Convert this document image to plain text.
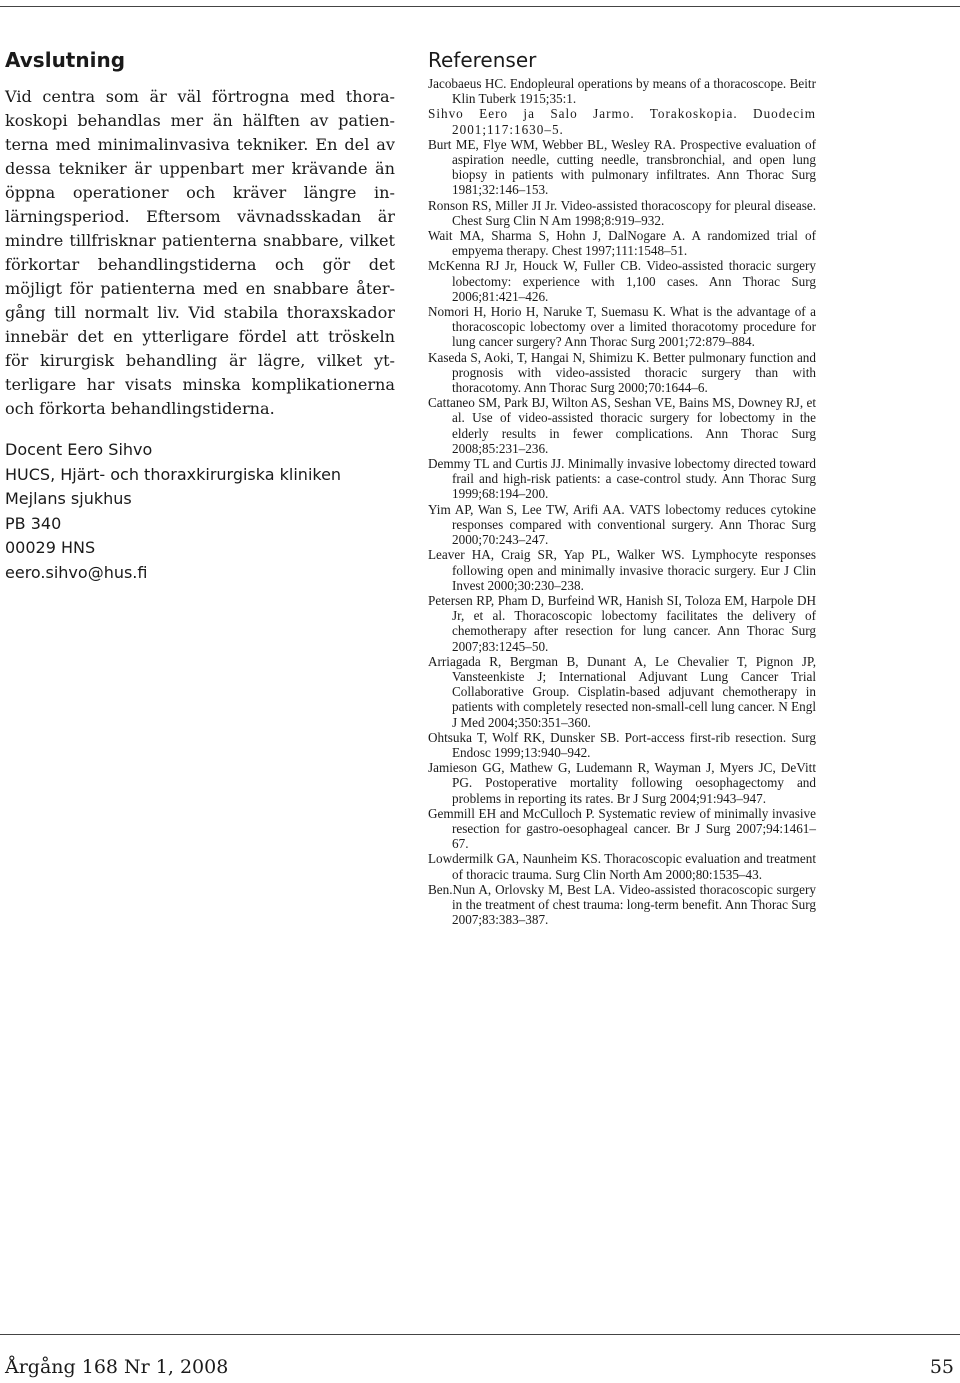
Avslutning

Vid centra som är väl förtrogna med thorakoskopi behandlas mer än hälften av patienterna med minimalinvasiva tekniker. En del av dessa tekniker är uppenbart mer krävande än öppna operationer och kräver längre inlärningsperiod. Eftersom vävnadsskadan är mindre tillfrisknar patienterna snabbare, vilket förkortar behandlingstiderna och gör det möjligt för patienterna med en snabbare återgång till normalt liv. Vid stabila thoraxskador innebär det en ytterligare fördel att tröskeln för kirurgisk behandling är lägre, vilket ytterligare har visats minska komplikationerna och förkorta behandlingstiderna.

Docent Eero Sihvo
HUCS, Hjärt- och thoraxkirurgiska kliniken
Mejlans sjukhus
PB 340
00029 HNS
eero.sihvo@hus.fi
Referenser
Jacobaeus HC. Endopleural operations by means of a thoracoscope. Beitr Klin Tuberk 1915;35:1.
Sihvo Eero ja Salo Jarmo. Torakoskopia. Duodecim 2001;117:1630–5.
Burt ME, Flye WM, Webber BL, Wesley RA. Prospective evaluation of aspiration needle, cutting needle, transbronchial, and open lung biopsy in patients with pulmonary infiltrates. Ann Thorac Surg 1981;32:146–153.
Ronson RS, Miller JI Jr. Video-assisted thoracoscopy for pleural disease. Chest Surg Clin N Am 1998;8:919–932.
Wait MA, Sharma S, Hohn J, DalNogare A. A randomized trial of empyema therapy. Chest 1997;111:1548–51.
McKenna RJ Jr, Houck W, Fuller CB. Video-assisted thoracic surgery lobectomy: experience with 1,100 cases. Ann Thorac Surg 2006;81:421–426.
Nomori H, Horio H, Naruke T, Suemasu K. What is the advantage of a thoracoscopic lobectomy over a limited thoracotomy procedure for lung cancer surgery? Ann Thorac Surg 2001;72:879–884.
Kaseda S, Aoki, T, Hangai N, Shimizu K. Better pulmonary function and prognosis with video-assisted thoracic surgery than with thoracotomy. Ann Thorac Surg 2000;70:1644–6.
Cattaneo SM, Park BJ, Wilton AS, Seshan VE, Bains MS, Downey RJ, et al. Use of video-assisted thoracic surgery for lobectomy in the elderly results in fewer complications. Ann Thorac Surg 2008;85:231–236.
Demmy TL and Curtis JJ. Minimally invasive lobectomy directed toward frail and high-risk patients: a case-control study. Ann Thorac Surg 1999;68:194–200.
Yim AP, Wan S, Lee TW, Arifi AA. VATS lobectomy reduces cytokine responses compared with conventional surgery. Ann Thorac Surg 2000;70:243–247.
Leaver HA, Craig SR, Yap PL, Walker WS. Lymphocyte responses following open and minimally invasive thoracic surgery. Eur J Clin Invest 2000;30:230–238.
Petersen RP, Pham D, Burfeind WR, Hanish SI, Toloza EM, Harpole DH Jr, et al. Thoracoscopic lobectomy facilitates the delivery of chemotherapy after resection for lung cancer. Ann Thorac Surg 2007;83:1245–50.
Arriagada R, Bergman B, Dunant A, Le Chevalier T, Pignon JP, Vansteenkiste J; International Adjuvant Lung Cancer Trial Collaborative Group. Cisplatin-based adjuvant chemotherapy in patients with completely resected non-small-cell lung cancer. N Engl J Med 2004;350:351–360.
Ohtsuka T, Wolf RK, Dunsker SB. Port-access first-rib resection. Surg Endosc 1999;13:940–942.
Jamieson GG, Mathew G, Ludemann R, Wayman J, Myers JC, DeVitt PG. Postoperative mortality following oesophagectomy and problems in reporting its rates. Br J Surg 2004;91:943–947.
Gemmill EH and McCulloch P. Systematic review of minimally invasive resection for gastro-oesophageal cancer. Br J Surg 2007;94:1461–67.
Lowdermilk GA, Naunheim KS. Thoracoscopic evaluation and treatment of thoracic trauma. Surg Clin North Am 2000;80:1535–43.
Ben.Nun A, Orlovsky M, Best LA. Video-assisted thoracoscopic surgery in the treatment of chest trauma: long-term benefit. Ann Thorac Surg 2007;83:383–387.
Årgång 168 Nr 1, 2008	55
